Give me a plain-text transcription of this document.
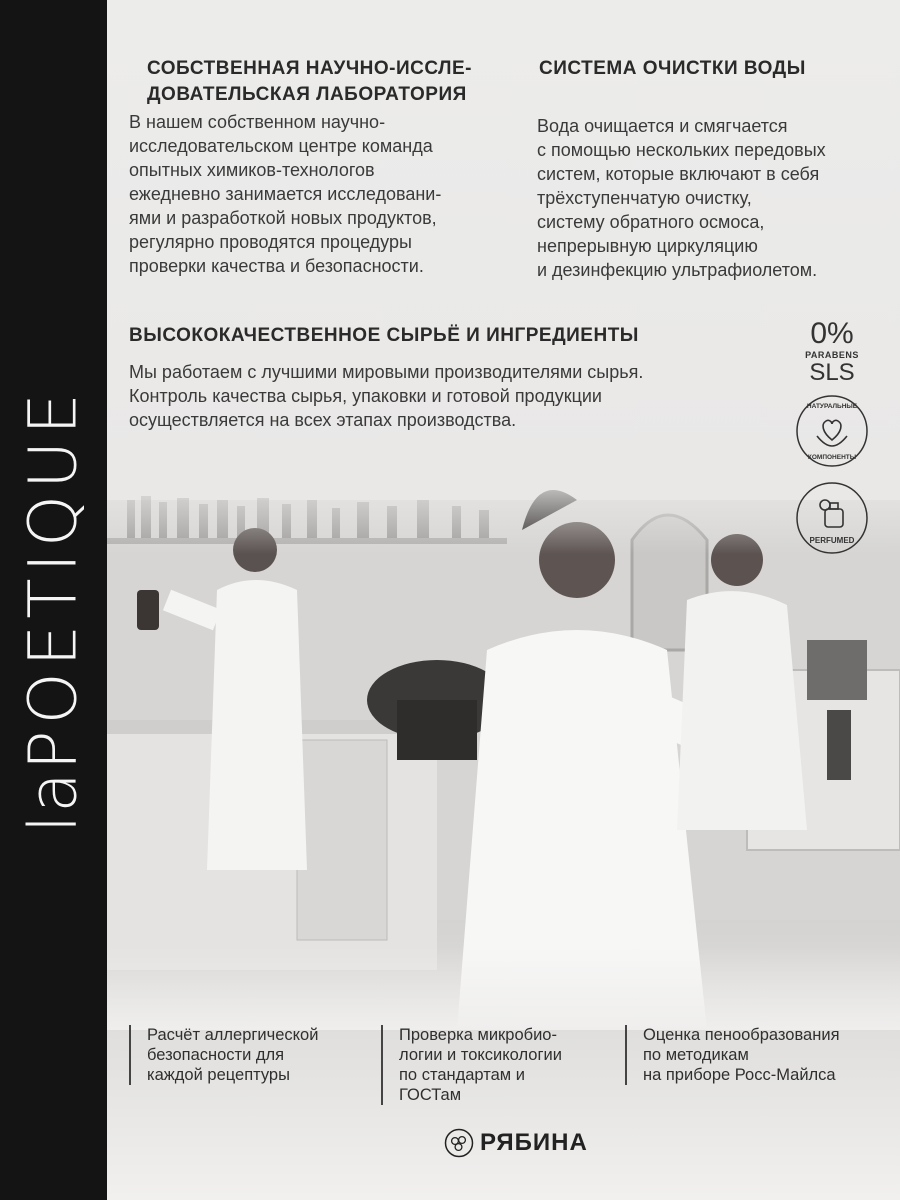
laPOETIQUE
СОБСТВЕННАЯ НАУЧНО-ИССЛЕ-
ДОВАТЕЛЬСКАЯ ЛАБОРАТОРИЯ

В нашем собственном научно-
исследовательском центре команда
опытных химиков-технологов
ежедневно занимается исследовани-
ями и разработкой новых продуктов,
регулярно проводятся процедуры
проверки качества и безопасности.

СИСТЕМА ОЧИСТКИ ВОДЫ

Вода очищается и смягчается
с помощью нескольких передовых
систем, которые включают в себя
трёхступенчатую очистку,
систему обратного осмоса,
непрерывную циркуляцию
и дезинфекцию ультрафиолетом.

ВЫСОКОКАЧЕСТВЕННОЕ СЫРЬЁ И ИНГРЕДИЕНТЫ

Мы работаем с лучшими мировыми производителями сырья.
Контроль качества сырья, упаковки и готовой продукции
осуществляется на всех этапах производства.

0%
PARABENS
SLS
НАТУРАЛЬНЫЕ
КОМПОНЕНТЫ

PERFUMED
Расчёт аллергической
безопасности для
каждой рецептуры
Проверка микробио-
логии и токсикологии
по стандартам и
ГОСТам
Оценка пенообразования
по методикам
на приборе Росс-Майлса
РЯБИНА
